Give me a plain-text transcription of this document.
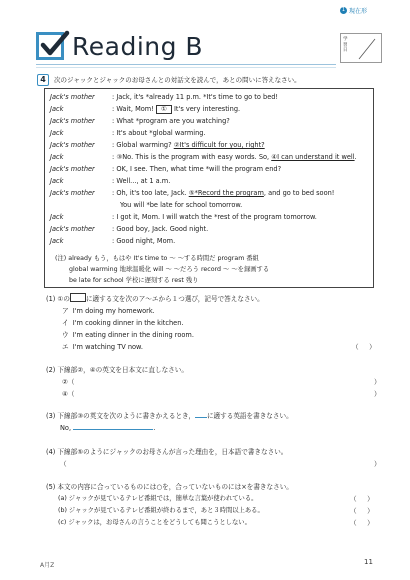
1 現在形
Reading B	学習日
4	次のジャックとジャックのお母さんとの対話文を読んで，あとの問いに答えなさい。
Jack's mother	: Jack, it's *already 11 p.m. *It's time to go to bed!
Jack	: Wait, Mom! ① It's very interesting.
Jack's mother	: What *program are you watching?
Jack	: It's about *global warming.
Jack's mother	: Global warming? ②It's difficult for you, right?
Jack	: ③No. This is the program with easy words. So, ④I can understand it well.
Jack's mother	: OK, I see. Then, what time *will the program end?
Jack	: Well..., at 1 a.m.
Jack's mother	: Oh, it's too late, Jack. ⑤*Record the program, and go to bed soon!
You will *be late for school tomorrow.
Jack	: I got it, Mom. I will watch the *rest of the program tomorrow.
Jack's mother	: Good boy, Jack. Good night.
Jack	: Good night, Mom.
(注) already もう，もはや It's time to ～ ～する時間だ program 番組
global warming 地球温暖化 will ～ ～だろう record ～ ～を録画する
be late for school 学校に遅刻する rest 残り
(1) ①の に適する文を次のア～エから１つ選び，記号で答えなさい。
ア I'm doing my homework.
イ I'm cooking dinner in the kitchen.
ウ I'm eating dinner in the dining room.
エ I'm watching TV now.	（ ）
(2) 下線部②，④の英文を日本文に直しなさい。
②（	）
④（	）
(3) 下線部③の英文を次のように書きかえるとき， に適する英語を書きなさい。
No,	.
(4) 下線部⑤のようにジャックのお母さんが言った理由を，日本語で書きなさい。
（	）
(5) 本文の内容に合っているものには○を，合っていないものには×を書きなさい。
(a) ジャックが見ているテレビ番組では，簡単な言葉が使われている。	（ ）
(b) ジャックが見ているテレビ番組が終わるまで，あと３時間以上ある。	（ ）
(c) ジャックは，お母さんの言うことをどうしても聞こうとしない。	（ ）
A月Z	11
